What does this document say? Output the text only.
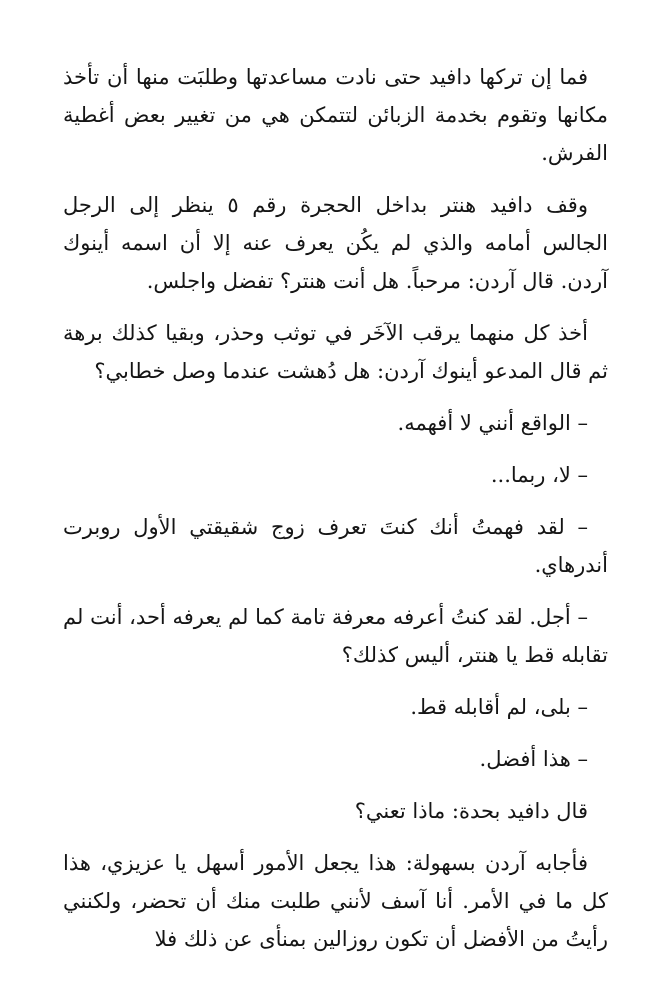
فما إن تركها دافيد حتى نادت مساعدتها وطلبَت منها أن تأخذ مكانها وتقوم بخدمة الزبائن لتتمكن هي من تغيير بعض أغطية الفرش.

وقف دافيد هنتر بداخل الحجرة رقم ٥ ينظر إلى الرجل الجالس أمامه والذي لم يكُن يعرف عنه إلا أن اسمه أينوك آردن. قال آردن: مرحباً. هل أنت هنتر؟ تفضل واجلس.

أخذ كل منهما يرقب الآخَر في توثب وحذر، وبقيا كذلك برهة ثم قال المدعو أينوك آردن: هل دُهشت عندما وصل خطابي؟

– الواقع أنني لا أفهمه.

– لا، ربما...

– لقد فهمتُ أنك كنتَ تعرف زوج شقيقتي الأول روبرت أندرهاي.

– أجل. لقد كنتُ أعرفه معرفة تامة كما لم يعرفه أحد، أنت لم تقابله قط يا هنتر، أليس كذلك؟

– بلى، لم أقابله قط.

– هذا أفضل.

قال دافيد بحدة: ماذا تعني؟

فأجابه آردن بسهولة: هذا يجعل الأمور أسهل يا عزيزي، هذا كل ما في الأمر. أنا آسف لأنني طلبت منك أن تحضر، ولكنني رأيتُ من الأفضل أن تكون روزالين بمنأى عن ذلك فلا
